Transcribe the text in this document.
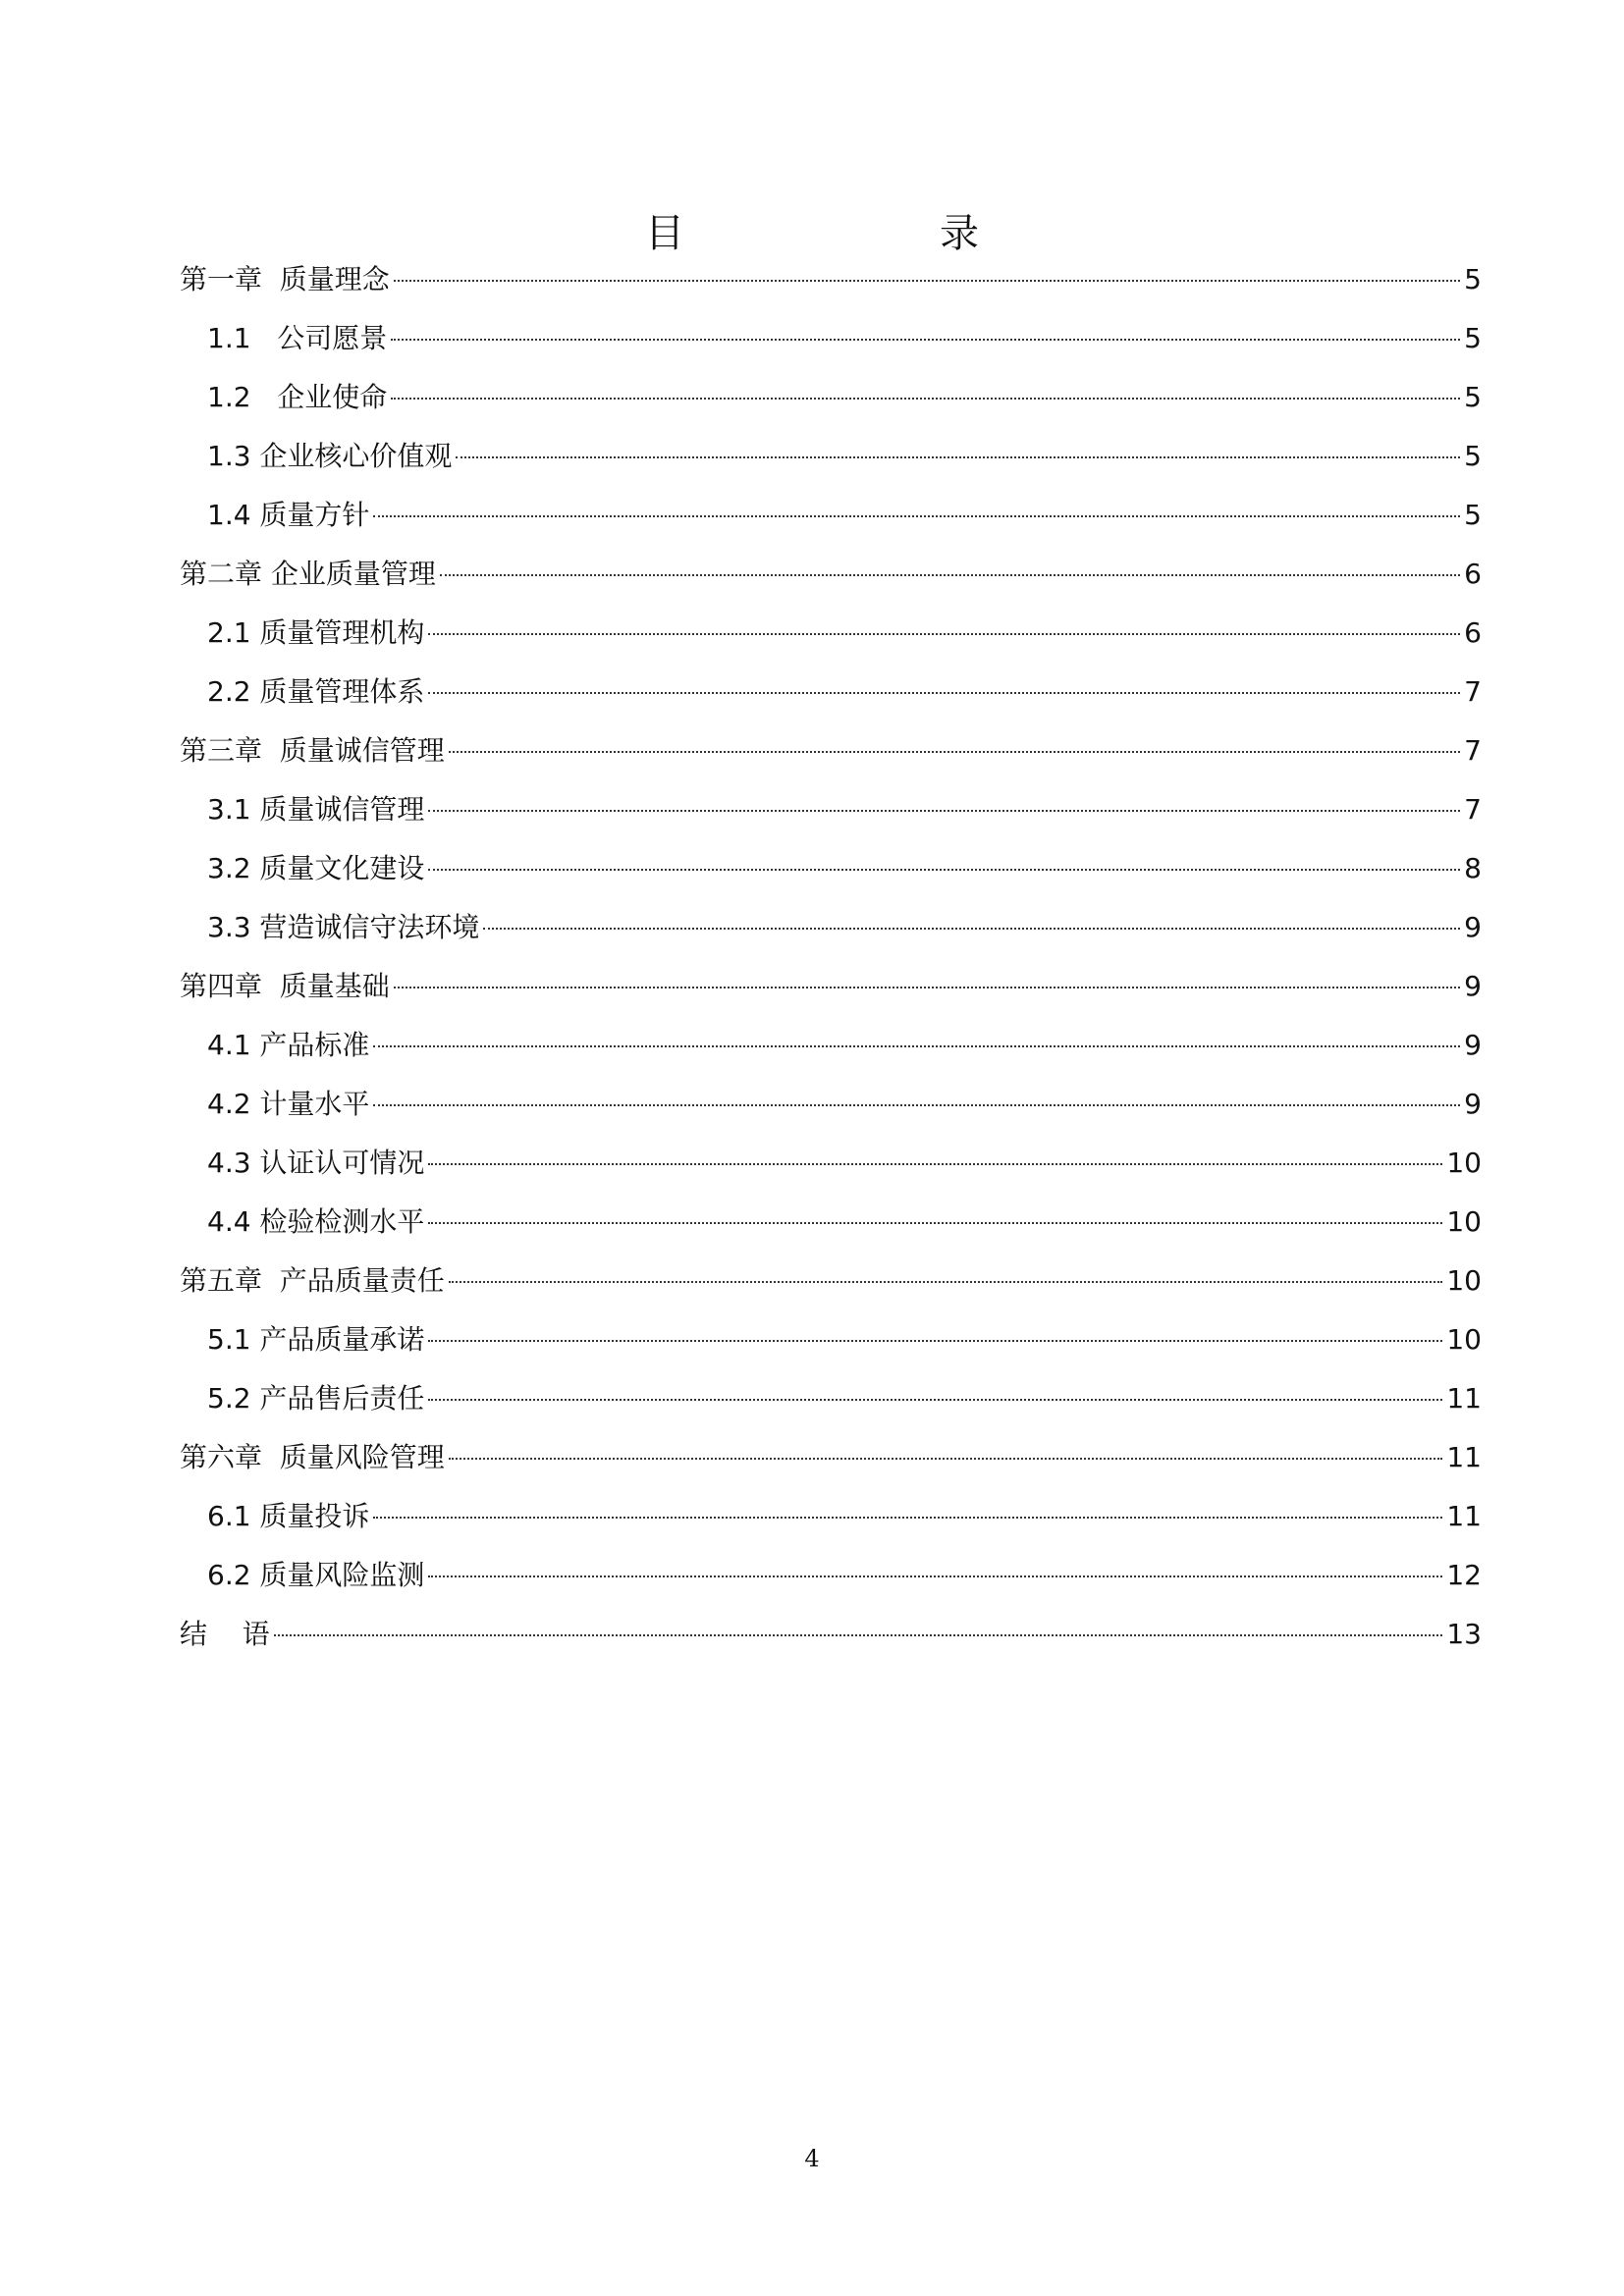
目　录
第一章  质量理念	5
1.1   公司愿景	5
1.2   企业使命	5
1.3 企业核心价值观	5
1.4 质量方针	5
第二章 企业质量管理	6
2.1 质量管理机构	6
2.2 质量管理体系	7
第三章  质量诚信管理	7
3.1 质量诚信管理	7
3.2 质量文化建设	8
3.3 营造诚信守法环境	9
第四章  质量基础	9
4.1 产品标准	9
4.2 计量水平	9
4.3 认证认可情况	10
4.4 检验检测水平	10
第五章  产品质量责任	10
5.1 产品质量承诺	10
5.2 产品售后责任	11
第六章  质量风险管理	11
6.1 质量投诉	11
6.2 质量风险监测	12
结    语	13
4
